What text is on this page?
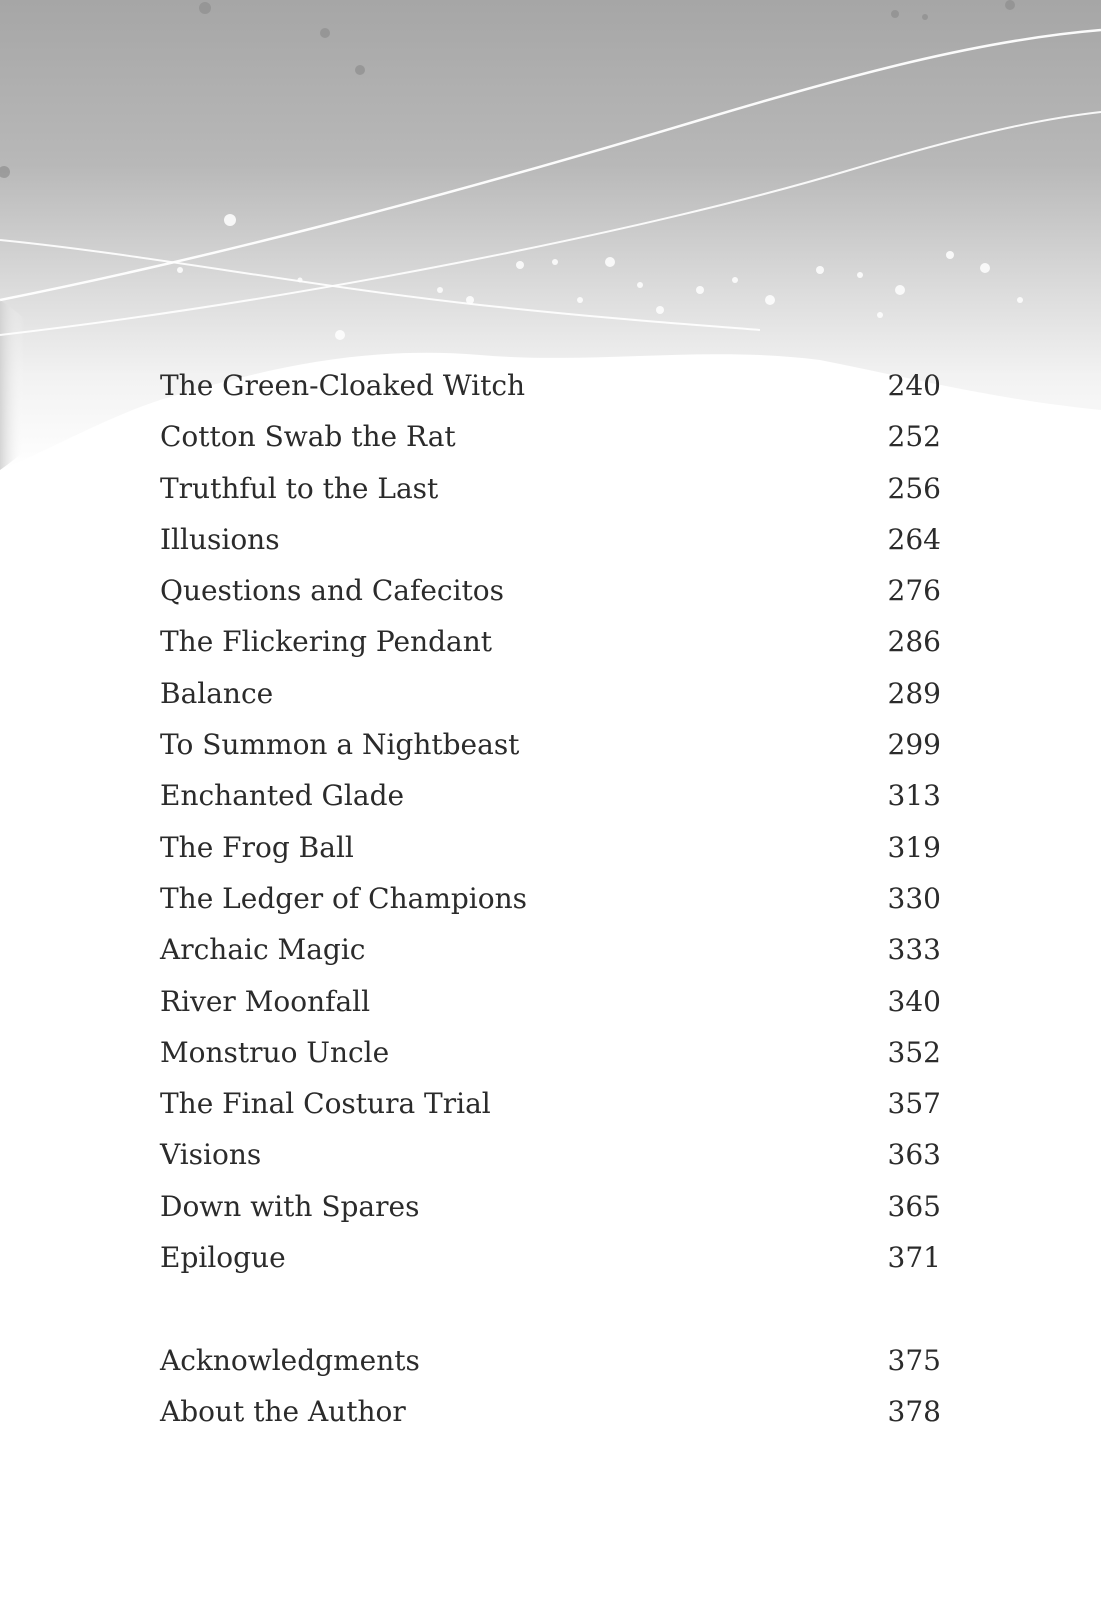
The Green-Cloaked Witch	240
Cotton Swab the Rat	252
Truthful to the Last	256
Illusions	264
Questions and Cafecitos	276
The Flickering Pendant	286
Balance	289
To Summon a Nightbeast	299
Enchanted Glade	313
The Frog Ball	319
The Ledger of Champions	330
Archaic Magic	333
River Moonfall	340
Monstruo Uncle	352
The Final Costura Trial	357
Visions	363
Down with Spares	365
Epilogue	371
Acknowledgments	375
About the Author	378
